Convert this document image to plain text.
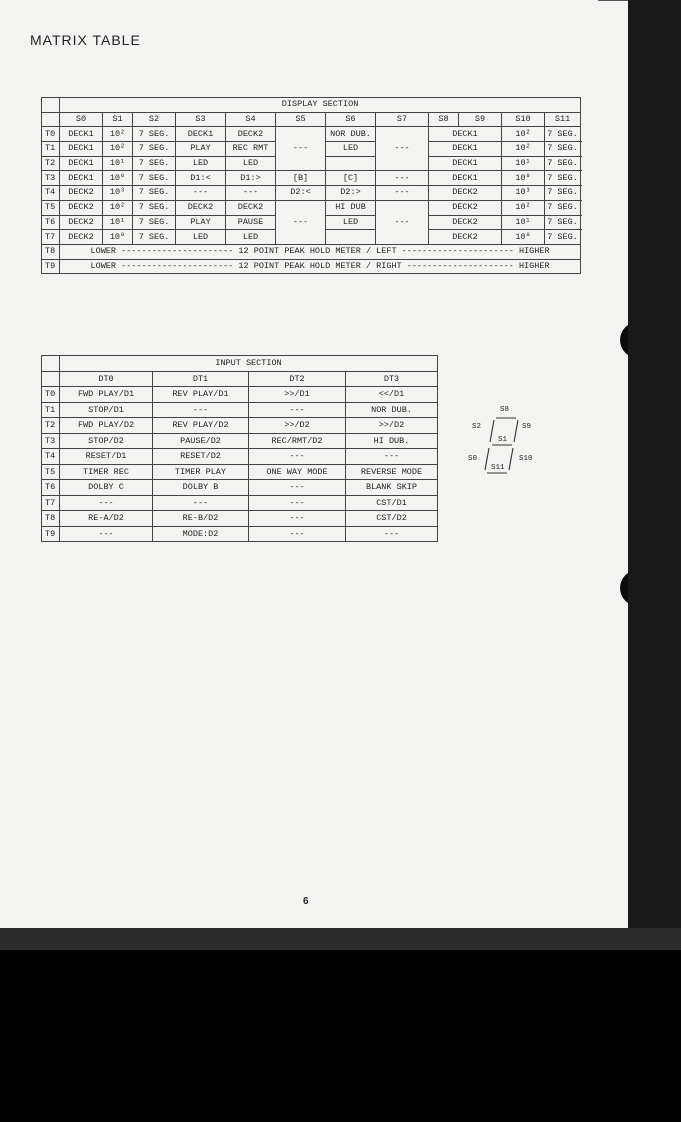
MATRIX TABLE
	DISPLAY SECTION											
	S0	S1	S2	S3	S4	S5	S6	S7	S8	S9	S10	S11
T0	DECK1	10²	7 SEG.	DECK1	DECK2	---	NOR DUB.	---	DECK1		10²	7 SEG.
T1	DECK1	10²	7 SEG.	PLAY	REC RMT		LED		DECK1		10²	7 SEG.
T2	DECK1	10¹	7 SEG.	LED	LED				DECK1		10¹	7 SEG.
T3	DECK1	10⁰	7 SEG.	D1:<	D1:>	[B]	[C]	---	DECK1		10⁰	7 SEG.
T4	DECK2	10³	7 SEG.	---	---	D2:<	D2:>	---	DECK2		10³	7 SEG.
T5	DECK2	10²	7 SEG.	DECK2	DECK2	---	HI DUB	---	DECK2		10²	7 SEG.
T6	DECK2	10¹	7 SEG.	PLAY	PAUSE		LED		DECK2		10¹	7 SEG.
T7	DECK2	10⁰	7 SEG.	LED	LED				DECK2		10⁰	7 SEG.
T8	LOWER ---------------------- 12 POINT PEAK HOLD METER / LEFT ---------------------- HIGHER											
T9	LOWER ---------------------- 12 POINT PEAK HOLD METER / RIGHT --------------------- HIGHER											
	INPUT SECTION			
	DT0	DT1	DT2	DT3
T0	FWD PLAY/D1	REV PLAY/D1	>>/D1	<</D1
T1	STOP/D1	---	---	NOR DUB.
T2	FWD PLAY/D2	REV PLAY/D2	>>/D2	>>/D2
T3	STOP/D2	PAUSE/D2	REC/RMT/D2	HI DUB.
T4	RESET/D1	RESET/D2	---	---
T5	TIMER REC	TIMER PLAY	ONE WAY MODE	REVERSE MODE
T6	DOLBY C	DOLBY B	---	BLANK SKIP
T7	---	---	---	CST/D1
T8	RE-A/D2	RE-B/D2	---	CST/D2
T9	---	MODE:D2	---	---
S8
S2	S9
S1
S0	S10
S11
6
